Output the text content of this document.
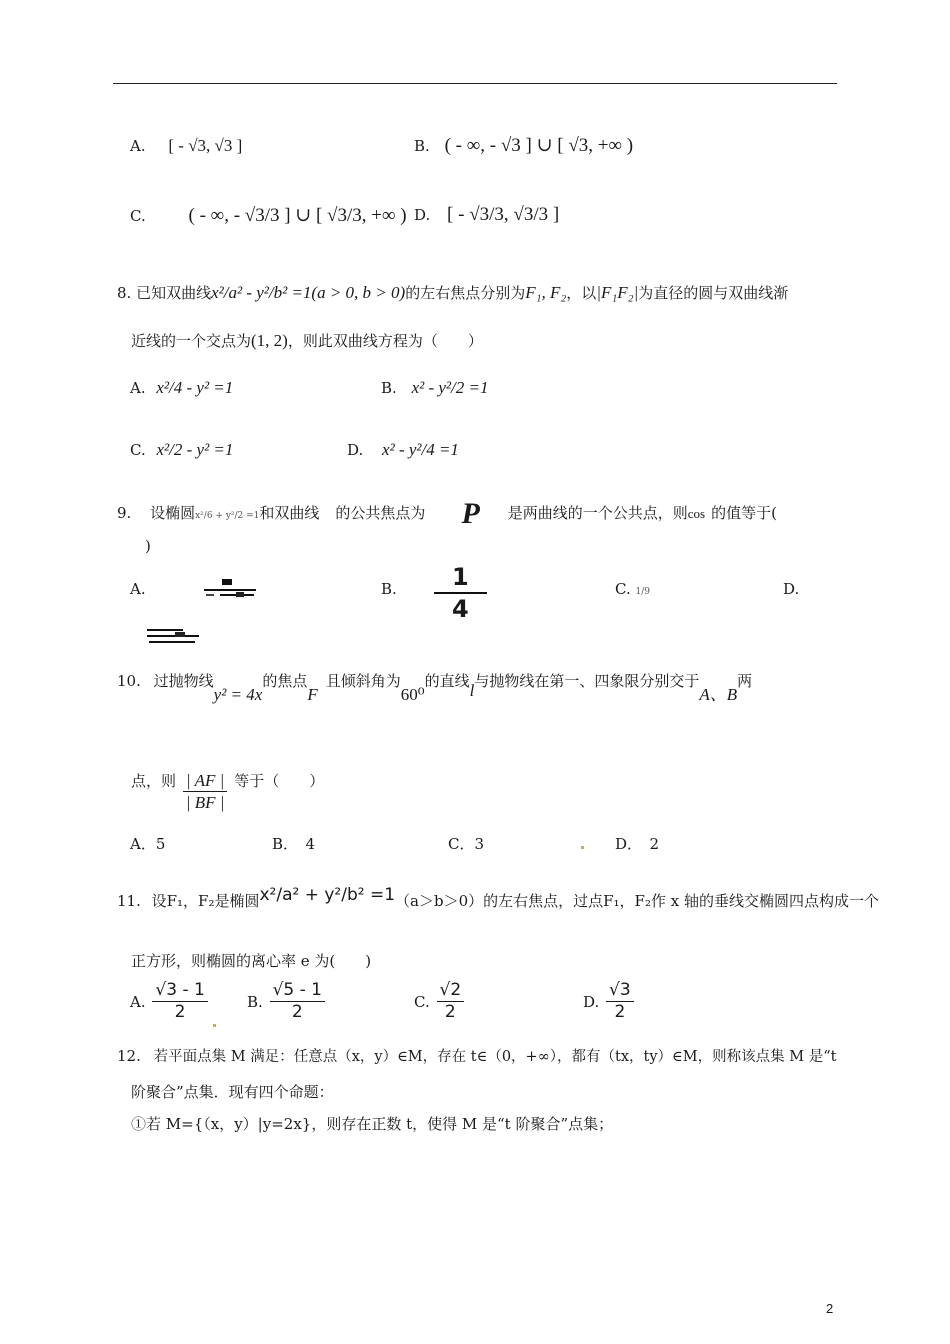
A. [ - √3, √3 ]	B. ( - ∞, - √3 ] ∪ [ √3, +∞ )
C. ( - ∞, - √3/3 ] ∪ [ √3/3, +∞ ) D. [ - √3/3, √3/3 ]
8. 已知双曲线x²/a² - y²/b² =1(a > 0, b > 0)的左右焦点分别为F₁, F₂，以|F₁F₂|为直径的圆与双曲线渐
近线的一个交点为(1, 2)，则此双曲线方程为（　　）
A. x²/4 - y² =1	B. x² - y²/2 =1
C. x²/2 - y² =1	D. x² - y²/4 =1
9. 设椭圆x²/6 + y²/2 =1和双曲线 的公共焦点为 P 是两曲线的一个公共点，则cos 的值等于(
)
A.	B. $\frac{1}{4}$	C. 1/9	D.
10. 过抛物线y² = 4x的焦点F且倾斜角为60⁰的直线l与抛物线在第一、四象限分别交于A、B两
点，则 $\frac{| AF |}{| BF |}$ 等于（　　）
A．5	B．　4	C．3	D．　2
11. 设F₁，F₂是椭圆x²/a² + y²/b² =1（a＞b＞0）的左右焦点，过点F₁，F₂作 x 轴的垂线交椭圆四点构成一个
正方形，则椭圆的离心率 e 为(　　)
A. $\frac{√3 - 1}{2}$	B. $\frac{√5 - 1}{2}$	C. $\frac{√2}{2}$	D. $\frac{√3}{2}$
12. 若平面点集 M 满足：任意点（x，y）∈M，存在 t∈（0，+∞），都有（tx，ty）∈M，则称该点集 M 是“t
阶聚合”点集．现有四个命题：
①若 M={（x，y）|y=2x}，则存在正数 t，使得 M 是“t 阶聚合”点集；
2
